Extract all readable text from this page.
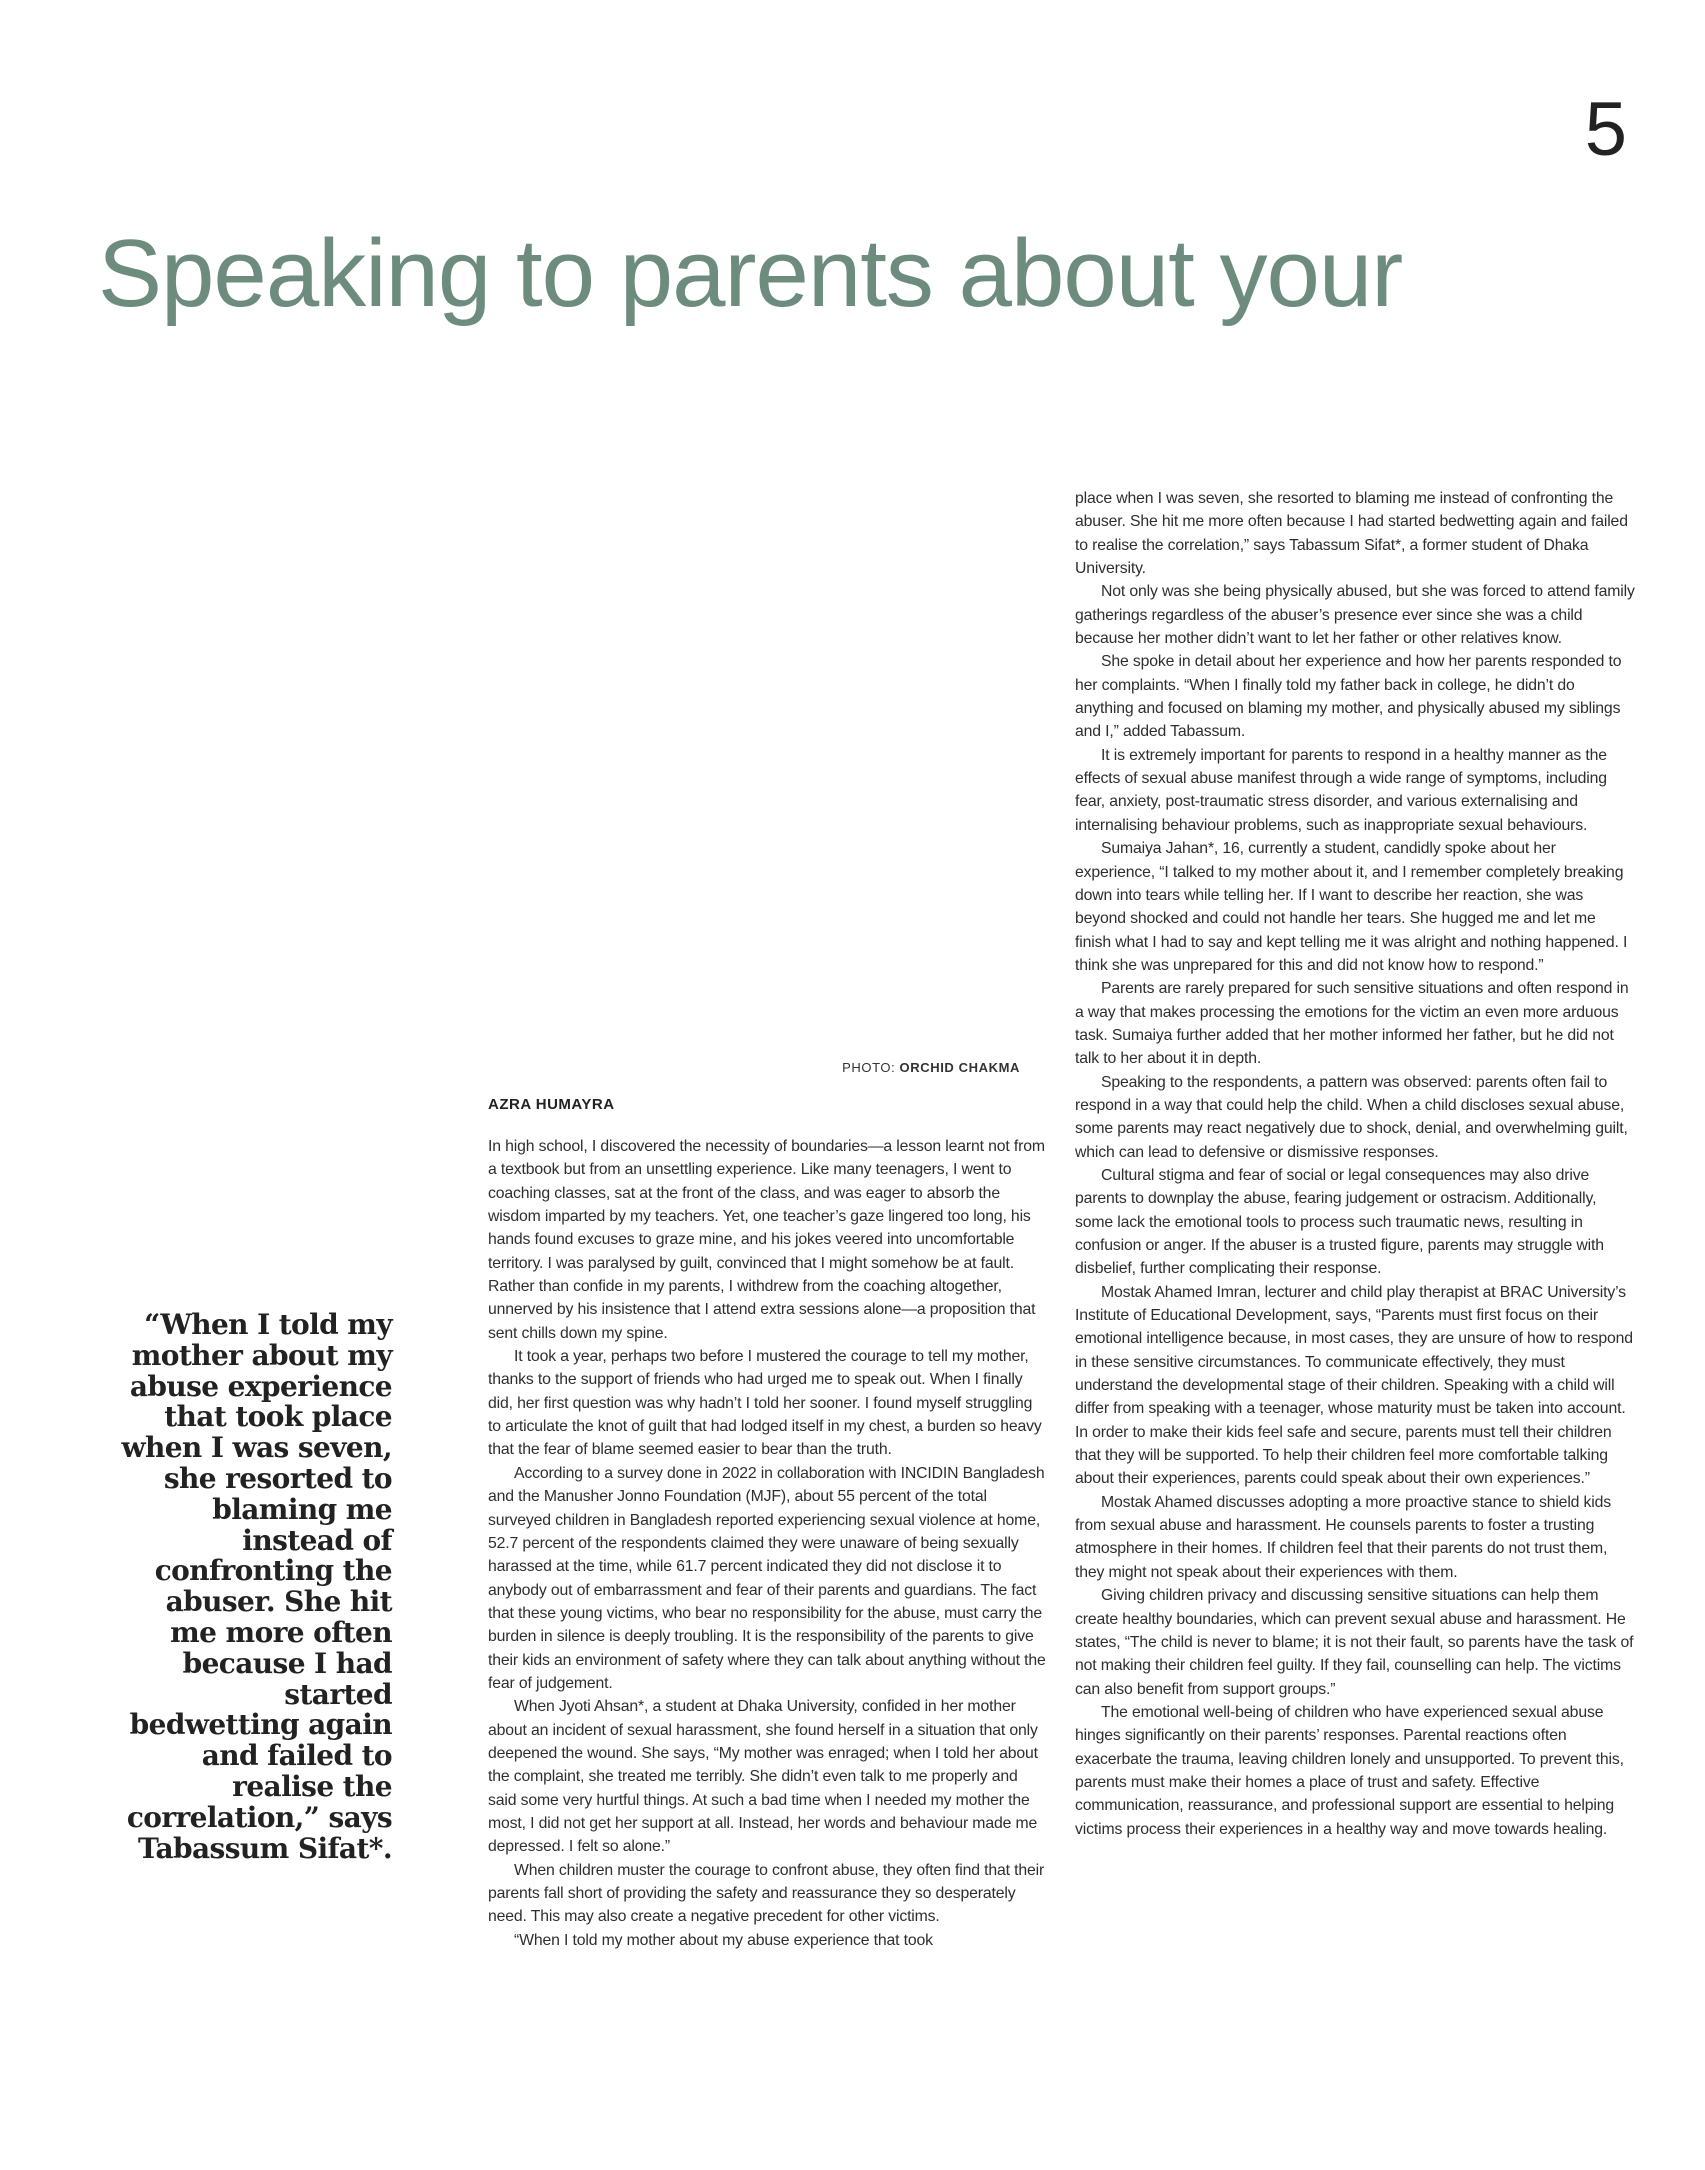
5
Speaking to parents about your
PHOTO: ORCHID CHAKMA
AZRA HUMAYRA
“When I told my mother about my abuse experience that took place when I was seven, she resorted to blaming me instead of confronting the abuser. She hit me more often because I had started bedwetting again and failed to realise the correlation,” says Tabassum Sifat*.

In high school, I discovered the necessity of boundaries—a lesson learnt not from a textbook but from an unsettling experience. Like many teenagers, I went to coaching classes, sat at the front of the class, and was eager to absorb the wisdom imparted by my teachers. Yet, one teacher’s gaze lingered too long, his hands found excuses to graze mine, and his jokes veered into uncomfortable territory. I was paralysed by guilt, convinced that I might somehow be at fault. Rather than confide in my parents, I withdrew from the coaching altogether, unnerved by his insistence that I attend extra sessions alone—a proposition that sent chills down my spine.

It took a year, perhaps two before I mustered the courage to tell my mother, thanks to the support of friends who had urged me to speak out. When I finally did, her first question was why hadn’t I told her sooner. I found myself struggling to articulate the knot of guilt that had lodged itself in my chest, a burden so heavy that the fear of blame seemed easier to bear than the truth.

According to a survey done in 2022 in collaboration with INCIDIN Bangladesh and the Manusher Jonno Foundation (MJF), about 55 percent of the total surveyed children in Bangladesh reported experiencing sexual violence at home, 52.7 percent of the respondents claimed they were unaware of being sexually harassed at the time, while 61.7 percent indicated they did not disclose it to anybody out of embarrassment and fear of their parents and guardians. The fact that these young victims, who bear no responsibility for the abuse, must carry the burden in silence is deeply troubling. It is the responsibility of the parents to give their kids an environment of safety where they can talk about anything without the fear of judgement.

When Jyoti Ahsan*, a student at Dhaka University, confided in her mother about an incident of sexual harassment, she found herself in a situation that only deepened the wound. She says, “My mother was enraged; when I told her about the complaint, she treated me terribly. She didn’t even talk to me properly and said some very hurtful things. At such a bad time when I needed my mother the most, I did not get her support at all. Instead, her words and behaviour made me depressed. I felt so alone.”

When children muster the courage to confront abuse, they often find that their parents fall short of providing the safety and reassurance they so desperately need. This may also create a negative precedent for other victims.

“When I told my mother about my abuse experience that took

place when I was seven, she resorted to blaming me instead of confronting the abuser. She hit me more often because I had started bedwetting again and failed to realise the correlation,” says Tabassum Sifat*, a former student of Dhaka University.

Not only was she being physically abused, but she was forced to attend family gatherings regardless of the abuser’s presence ever since she was a child because her mother didn’t want to let her father or other relatives know.

She spoke in detail about her experience and how her parents responded to her complaints. “When I finally told my father back in college, he didn’t do anything and focused on blaming my mother, and physically abused my siblings and I,” added Tabassum.

It is extremely important for parents to respond in a healthy manner as the effects of sexual abuse manifest through a wide range of symptoms, including fear, anxiety, post-traumatic stress disorder, and various externalising and internalising behaviour problems, such as inappropriate sexual behaviours.

Sumaiya Jahan*, 16, currently a student, candidly spoke about her experience, “I talked to my mother about it, and I remember completely breaking down into tears while telling her. If I want to describe her reaction, she was beyond shocked and could not handle her tears. She hugged me and let me finish what I had to say and kept telling me it was alright and nothing happened. I think she was unprepared for this and did not know how to respond.”

Parents are rarely prepared for such sensitive situations and often respond in a way that makes processing the emotions for the victim an even more arduous task. Sumaiya further added that her mother informed her father, but he did not talk to her about it in depth.

Speaking to the respondents, a pattern was observed: parents often fail to respond in a way that could help the child. When a child discloses sexual abuse, some parents may react negatively due to shock, denial, and overwhelming guilt, which can lead to defensive or dismissive responses.

Cultural stigma and fear of social or legal consequences may also drive parents to downplay the abuse, fearing judgement or ostracism. Additionally, some lack the emotional tools to process such traumatic news, resulting in confusion or anger. If the abuser is a trusted figure, parents may struggle with disbelief, further complicating their response.

Mostak Ahamed Imran, lecturer and child play therapist at BRAC University’s Institute of Educational Development, says, “Parents must first focus on their emotional intelligence because, in most cases, they are unsure of how to respond in these sensitive circumstances. To communicate effectively, they must understand the developmental stage of their children. Speaking with a child will differ from speaking with a teenager, whose maturity must be taken into account. In order to make their kids feel safe and secure, parents must tell their children that they will be supported. To help their children feel more comfortable talking about their experiences, parents could speak about their own experiences.”

Mostak Ahamed discusses adopting a more proactive stance to shield kids from sexual abuse and harassment. He counsels parents to foster a trusting atmosphere in their homes. If children feel that their parents do not trust them, they might not speak about their experiences with them.

Giving children privacy and discussing sensitive situations can help them create healthy boundaries, which can prevent sexual abuse and harassment. He states, “The child is never to blame; it is not their fault, so parents have the task of not making their children feel guilty. If they fail, counselling can help. The victims can also benefit from support groups.”

The emotional well-being of children who have experienced sexual abuse hinges significantly on their parents’ responses. Parental reactions often exacerbate the trauma, leaving children lonely and unsupported. To prevent this, parents must make their homes a place of trust and safety. Effective communication, reassurance, and professional support are essential to helping victims process their experiences in a healthy way and move towards healing.
